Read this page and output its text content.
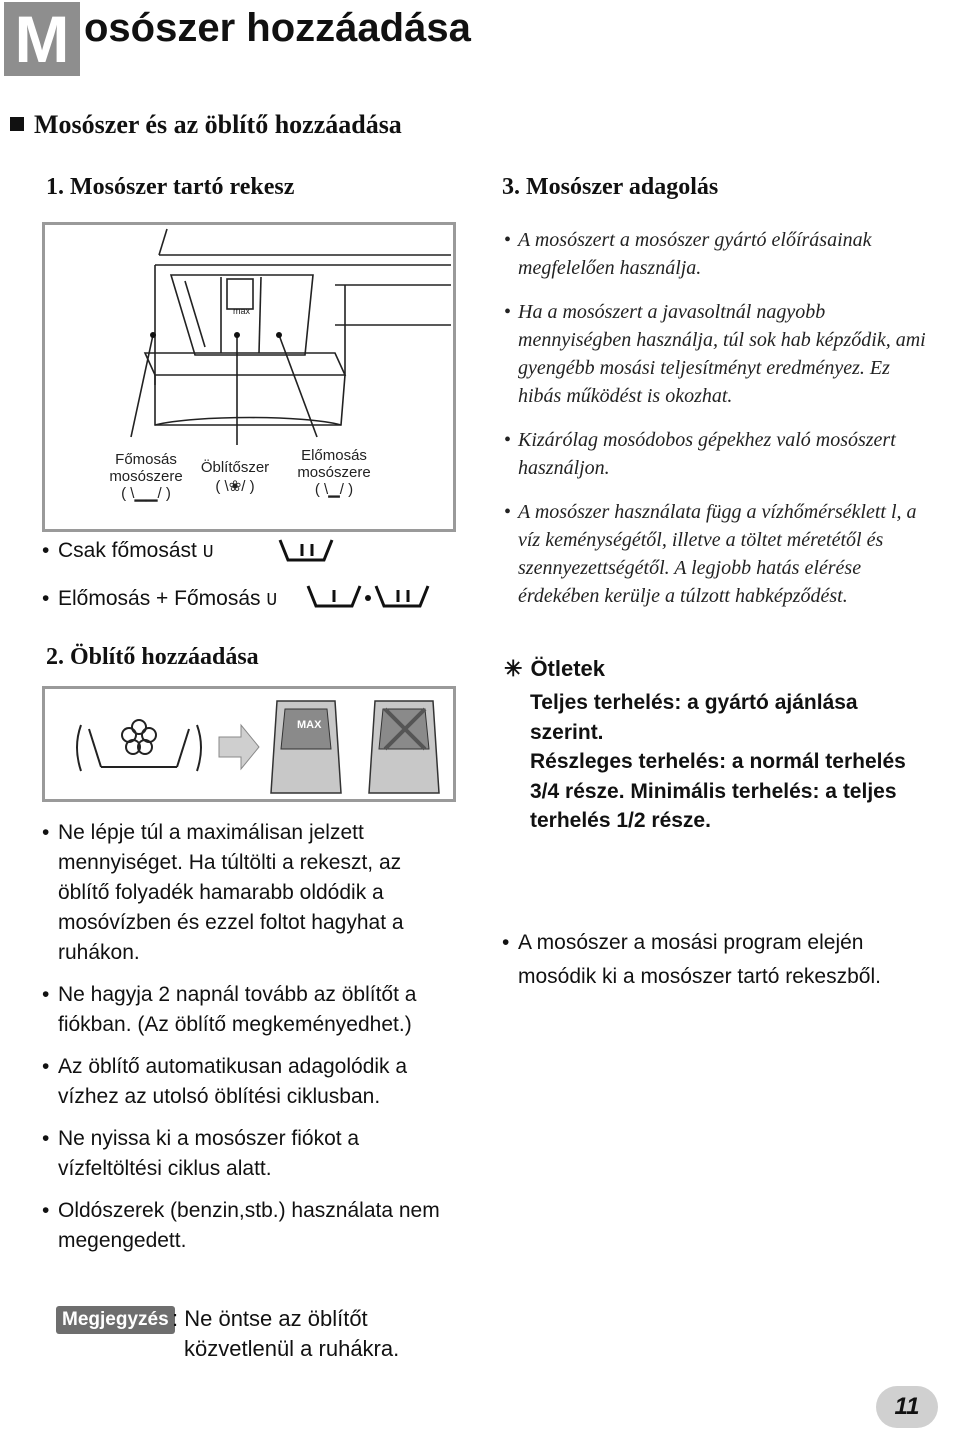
M osószer hozzáadása
Mosószer és az öblítő hozzáadása
1. Mosószer tartó rekesz
max
Főmosás
mosószere
( \▁▁/ )
Öblítőszer
( \❀/ )
Előmosás
mosószere
( \▁/ )
• Csak főmosást U
• Előmosás + Főmosás U
2. Öblítő hozzáadása
MAX
• Ne lépje túl a maximálisan jelzett mennyiséget. Ha túltölti a rekeszt, az öblítő folyadék hamarabb oldódik a mosóvízben és ezzel foltot hagyhat a ruhákon.
• Ne hagyja 2 napnál tovább az öblítőt a fiókban. (Az öblítő megkeményedhet.)
• Az öblítő automatikusan adagolódik a vízhez az utolsó öblítési ciklusban.
• Ne nyissa ki a mosószer fiókot a vízfeltöltési ciklus alatt.
• Oldószerek (benzin,stb.) használata nem megengedett.
Megjegyzés : Ne öntse az öblítőt
közvetlenül a ruhákra.
3. Mosószer adagolás
• A mosószert a mosószer gyártó előírásainak megfelelően használja.
• Ha a mosószert a javasoltnál nagyobb mennyiségben használja, túl sok hab képződik, ami gyengébb mosási teljesítményt eredményez. Ez hibás működést is okozhat.
• Kizárólag mosódobos gépekhez való mosószert használjon.
• A mosószer használata függ a vízhőmérséklett l, a víz keménységétől, illetve a töltet méretétől és szennyezettségétől. A legjobb hatás elérése érdekében kerülje a túlzott habképződést.
✳ Ötletek
Teljes terhelés: a gyártó ajánlása
szerint.
Részleges terhelés: a normál terhelés
3/4 része. Minimális terhelés: a teljes
terhelés 1/2 része.
• A mosószer a mosási program elején mosódik ki a mosószer tartó rekeszből.
11
